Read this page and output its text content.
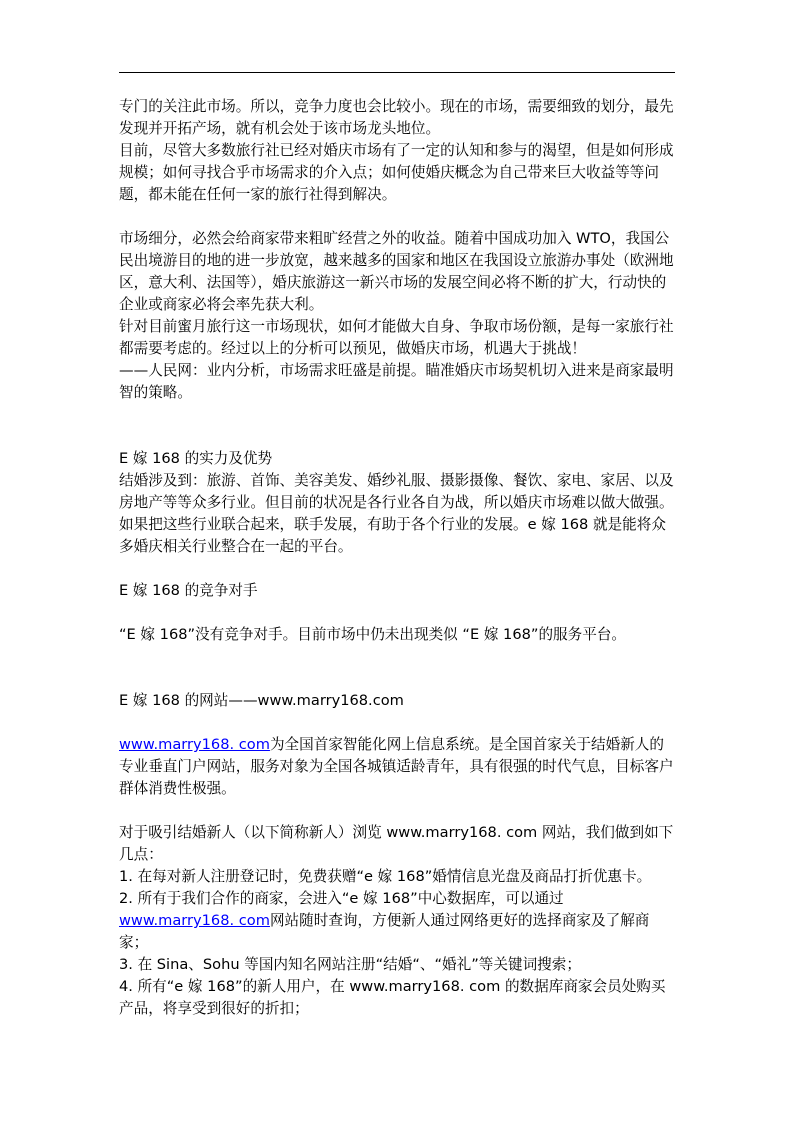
专门的关注此市场。所以，竞争力度也会比较小。现在的市场，需要细致的划分，最先发现并开拓产场，就有机会处于该市场龙头地位。

目前，尽管大多数旅行社已经对婚庆市场有了一定的认知和参与的渴望，但是如何形成规模；如何寻找合乎市场需求的介入点；如何使婚庆概念为自己带来巨大收益等等问题，都未能在任何一家的旅行社得到解决。

市场细分，必然会给商家带来粗旷经营之外的收益。随着中国成功加入 WTO，我国公民出境游目的地的进一步放宽，越来越多的国家和地区在我国设立旅游办事处（欧洲地区，意大利、法国等），婚庆旅游这一新兴市场的发展空间必将不断的扩大，行动快的企业或商家必将会率先获大利。

针对目前蜜月旅行这一市场现状，如何才能做大自身、争取市场份额，是每一家旅行社都需要考虑的。经过以上的分析可以预见，做婚庆市场，机遇大于挑战！

——人民网：业内分析，市场需求旺盛是前提。瞄准婚庆市场契机切入进来是商家最明智的策略。

E 嫁 168 的实力及优势

结婚涉及到：旅游、首饰、美容美发、婚纱礼服、摄影摄像、餐饮、家电、家居、以及房地产等等众多行业。但目前的状况是各行业各自为战，所以婚庆市场难以做大做强。如果把这些行业联合起来，联手发展，有助于各个行业的发展。e 嫁 168 就是能将众多婚庆相关行业整合在一起的平台。

E 嫁 168 的竞争对手

“E 嫁 168”没有竞争对手。目前市场中仍未出现类似 “E 嫁 168”的服务平台。

E 嫁 168 的网站——www.marry168.com

www.marry168. com为全国首家智能化网上信息系统。是全国首家关于结婚新人的专业垂直门户网站，服务对象为全国各城镇适龄青年，具有很强的时代气息，目标客户群体消费性极强。

对于吸引结婚新人（以下简称新人）浏览 www.marry168. com 网站，我们做到如下几点：

1. 在每对新人注册登记时，免费获赠“e 嫁 168”婚情信息光盘及商品打折优惠卡。

2. 所有于我们合作的商家，会进入“e 嫁 168”中心数据库，可以通过
www.marry168. com网站随时查询，方便新人通过网络更好的选择商家及了解商家；

3. 在 Sina、Sohu 等国内知名网站注册“结婚“、“婚礼”等关键词搜索；

4. 所有“e 嫁 168”的新人用户，在 www.marry168. com 的数据库商家会员处购买产品，将享受到很好的折扣；
